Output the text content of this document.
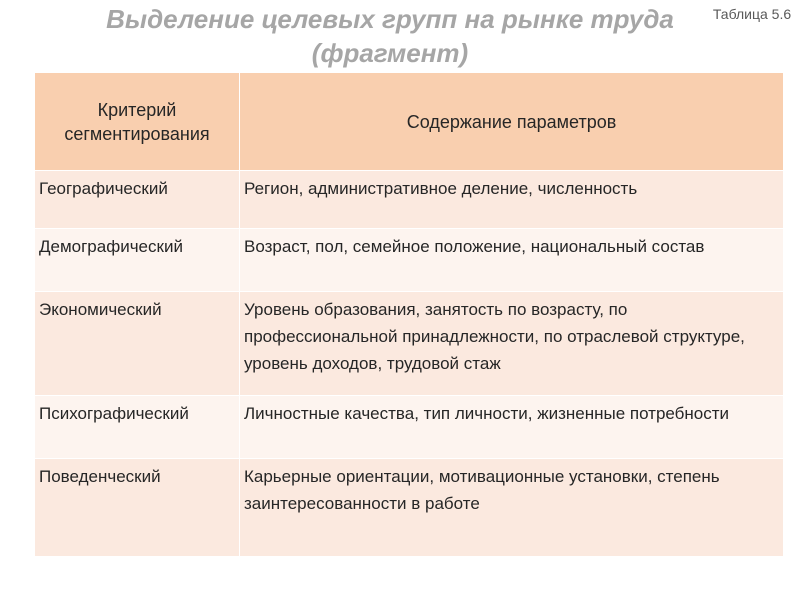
Выделение целевых групп на рынке труда (фрагмент)
Таблица 5.6
Критерий сегментирования	Содержание параметров
Географический	Регион, административное деление, численность
Демографический	Возраст, пол, семейное положение, национальный состав
Экономический	Уровень образования, занятость по возрасту, по профессиональной принадлежности, по отраслевой структуре, уровень доходов, трудовой стаж
Психографический	Личностные качества, тип личности, жизненные потребности
Поведенческий	Карьерные ориентации, мотивационные установки, степень заинтересованности в работе
